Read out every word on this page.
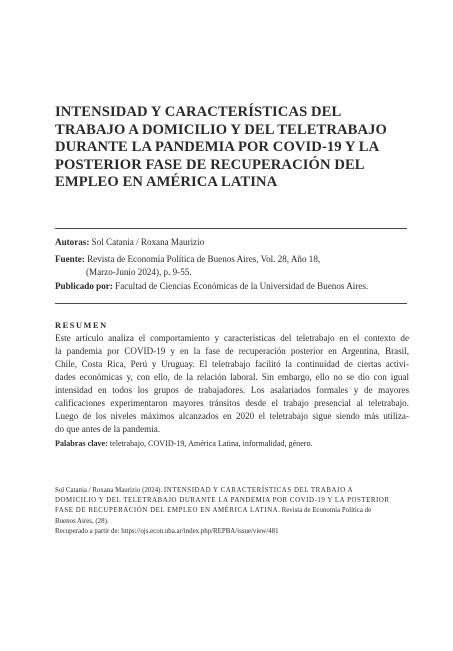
INTENSIDAD Y CARACTERÍSTICAS DEL
TRABAJO A DOMICILIO Y DEL TELETRABAJO
DURANTE LA PANDEMIA POR COVID-19 Y LA
POSTERIOR FASE DE RECUPERACIÓN DEL
EMPLEO EN AMÉRICA LATINA
Autoras: Sol Catania / Roxana Maurizio
Fuente: Revista de Economía Política de Buenos Aires, Vol. 28, Año 18,
(Marzo-Junio 2024), p. 9-55.
Publicado por: Facultad de Ciencias Económicas de la Universidad de Buenos Aires.
RESUMEN
Este artículo analiza el comportamiento y características del teletrabajo en el contexto de
la pandemia por COVID-19 y en la fase de recuperación posterior en Argentina, Brasil,
Chile, Costa Rica, Perú y Uruguay. El teletrabajo facilitó la continuidad de ciertas activi-
dades económicas y, con ello, de la relación laboral. Sin embargo, ello no se dio con igual
intensidad en todos los grupos de trabajadores. Los asalariados formales y de mayores
calificaciones experimentaron mayores tránsitos desde el trabajo presencial al teletrabajo.
Luego de los niveles máximos alcanzados en 2020 el teletrabajo sigue siendo más utiliza-
do que antes de la pandemia.
Palabras clave: teletrabajo, COVID-19, América Latina, informalidad, género.
Sol Catania / Roxana Maurizio (2024). INTENSIDAD Y CARACTERÍSTICAS DEL TRABAJO A
DOMICILIO Y DEL TELETRABAJO DURANTE LA PANDEMIA POR COVID-19 Y LA POSTERIOR
FASE DE RECUPERACIÓN DEL EMPLEO EN AMÉRICA LATINA. Revista de Economía Política de
Buenos Aires, (28).
Recuperado a partir de: https://ojs.econ.uba.ar/index.php/REPBA/issue/view/481
